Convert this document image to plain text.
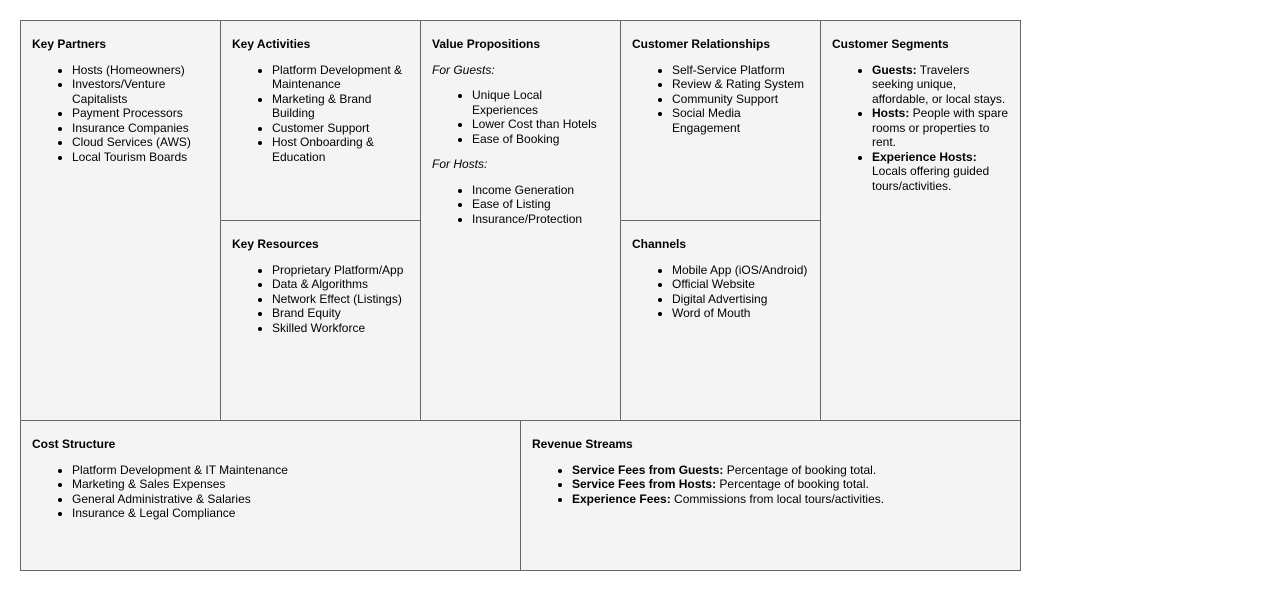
Key Partners
• Hosts (Homeowners)
• Investors/Venture Capitalists
• Payment Processors
• Insurance Companies
• Cloud Services (AWS)
• Local Tourism Boards
Key Activities
• Platform Development & Maintenance
• Marketing & Brand Building
• Customer Support
• Host Onboarding & Education
Key Resources
• Proprietary Platform/App
• Data & Algorithms
• Network Effect (Listings)
• Brand Equity
• Skilled Workforce
Value Propositions
For Guests:
• Unique Local Experiences
• Lower Cost than Hotels
• Ease of Booking
For Hosts:
• Income Generation
• Ease of Listing
• Insurance/Protection
Customer Relationships
• Self-Service Platform
• Review & Rating System
• Community Support
• Social Media Engagement
Channels
• Mobile App (iOS/Android)
• Official Website
• Digital Advertising
• Word of Mouth
Customer Segments
• Guests: Travelers seeking unique, affordable, or local stays.
• Hosts: People with spare rooms or properties to rent.
• Experience Hosts: Locals offering guided tours/activities.
Cost Structure
• Platform Development & IT Maintenance
• Marketing & Sales Expenses
• General Administrative & Salaries
• Insurance & Legal Compliance
Revenue Streams
• Service Fees from Guests: Percentage of booking total.
• Service Fees from Hosts: Percentage of booking total.
• Experience Fees: Commissions from local tours/activities.
